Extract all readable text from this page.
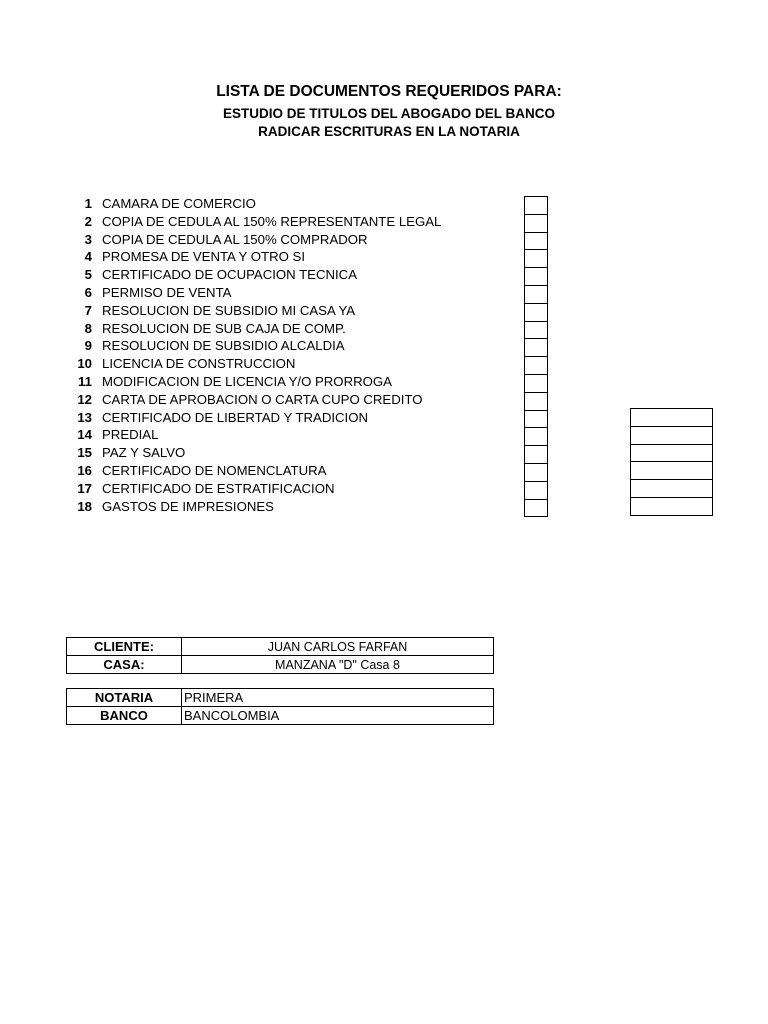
LISTA DE DOCUMENTOS REQUERIDOS PARA:
ESTUDIO DE TITULOS DEL ABOGADO DEL BANCO
RADICAR ESCRITURAS EN LA NOTARIA
1 CAMARA DE COMERCIO
2 COPIA DE CEDULA AL 150% REPRESENTANTE LEGAL
3 COPIA DE CEDULA AL 150% COMPRADOR
4 PROMESA DE VENTA Y OTRO SI
5 CERTIFICADO DE OCUPACION TECNICA
6 PERMISO DE VENTA
7 RESOLUCION DE SUBSIDIO MI CASA YA
8 RESOLUCION DE SUB CAJA DE COMP.
9 RESOLUCION DE SUBSIDIO ALCALDIA
10 LICENCIA DE CONSTRUCCION
11 MODIFICACION DE LICENCIA Y/O PRORROGA
12 CARTA DE APROBACION O CARTA CUPO CREDITO
13 CERTIFICADO DE LIBERTAD Y TRADICION
14 PREDIAL
15 PAZ Y SALVO
16 CERTIFICADO DE NOMENCLATURA
17 CERTIFICADO DE ESTRATIFICACION
18 GASTOS DE IMPRESIONES
CLIENTE:	JUAN CARLOS FARFAN
CASA:	MANZANA "D" Casa 8
NOTARIA	PRIMERA
BANCO	BANCOLOMBIA
